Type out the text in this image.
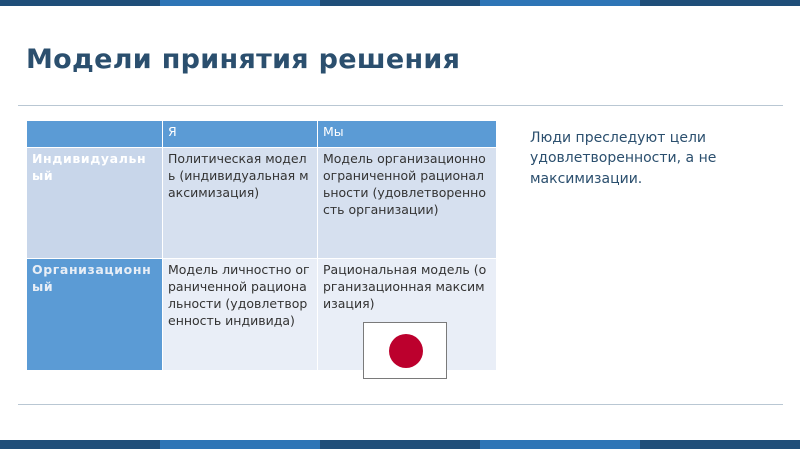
Модели принятия решения
	Я	Мы
Индивидуальный	Политическая модель (индивидуальная максимизация)	Модель организационно ограниченной рациональности (удовлетворенность организации)
Организационный	Модель личностно ограниченной рациональности (удовлетворенность индивида)	Рациональная модель (организационная максимизация)
Люди преследуют цели удовлетворенности, а не максимизации.
